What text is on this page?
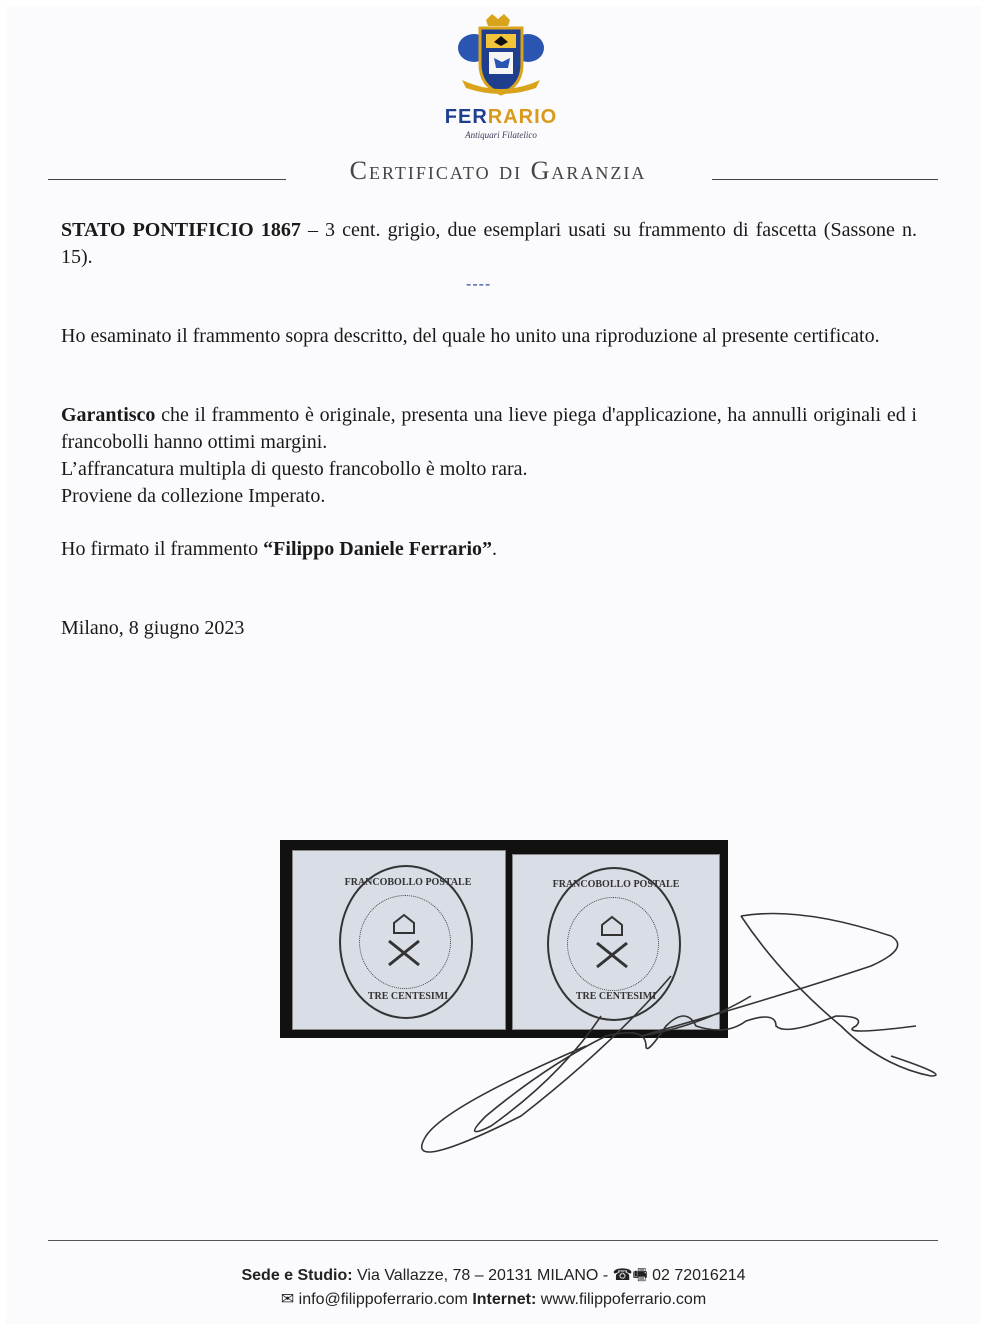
FERRARIO
Antiquari Filatelico
Certificato di Garanzia
STATO PONTIFICIO 1867 – 3 cent. grigio, due esemplari usati su frammento di fascetta (Sassone n. 15).
----
Ho esaminato il frammento sopra descritto, del quale ho unito una riproduzione al presente certificato.
Garantisco che il frammento è originale, presenta una lieve piega d'applicazione, ha annulli originali ed i francobolli hanno ottimi margini.
L’affrancatura multipla di questo francobollo è molto rara.
Proviene da collezione Imperato.
Ho firmato il frammento “Filippo Daniele Ferrario”.
Milano, 8 giugno 2023
FRANCOBOLLO POSTALE
TRE CENTESIMI
FRANCOBOLLO POSTALE
TRE CENTESIMI
Sede e Studio: Via Vallazze, 78 – 20131 MILANO - ☎🖷 02 72016214
✉ info@filippoferrario.com Internet: www.filippoferrario.com
